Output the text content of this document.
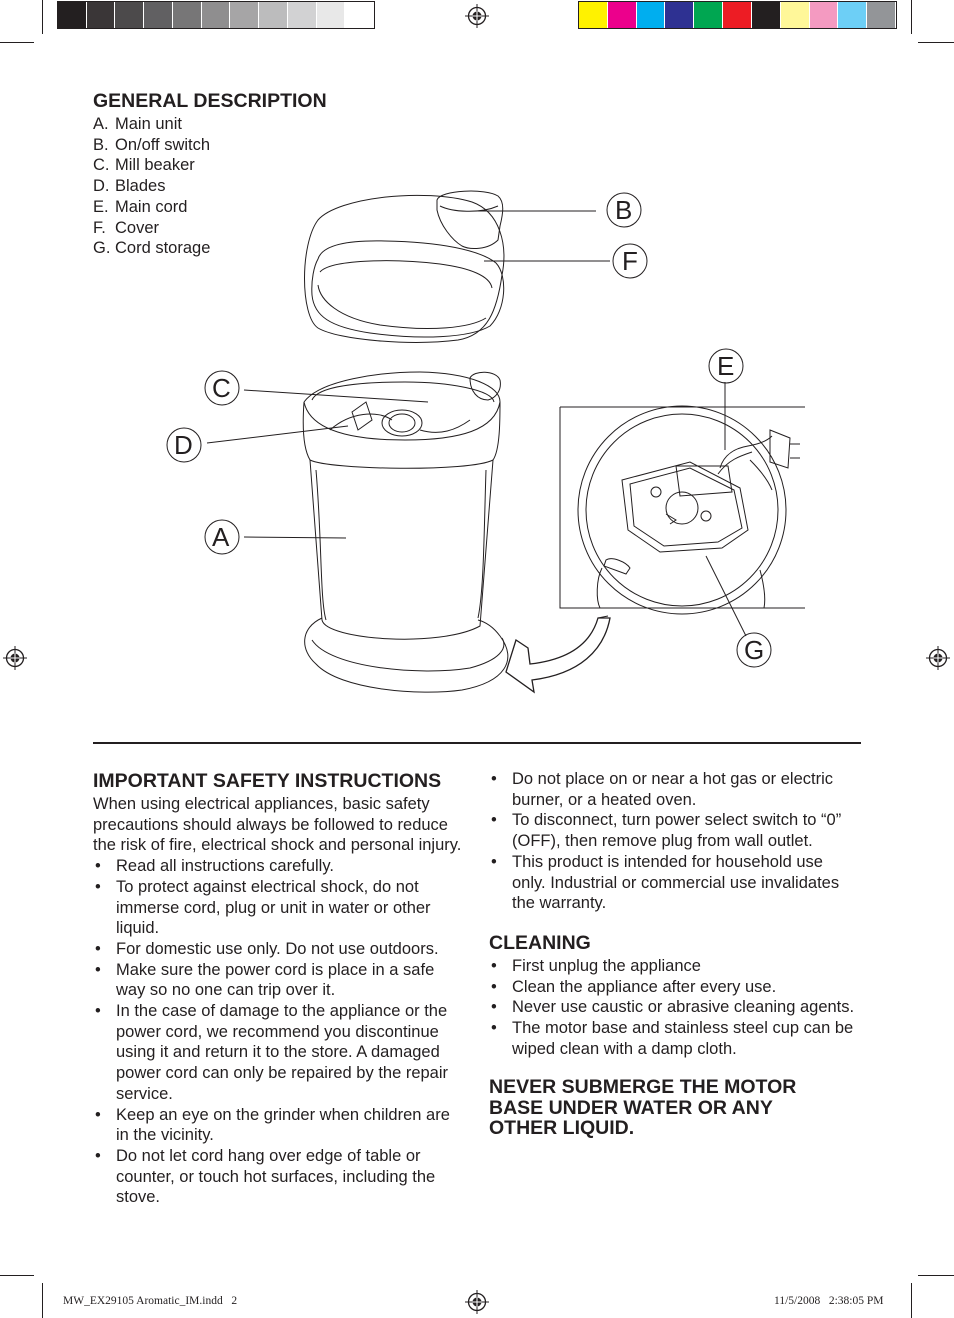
GENERAL DESCRIPTION
A. Main unit
B. On/off switch
C. Mill beaker
D. Blades
E. Main cord
F. Cover
G. Cord storage
B
F
E
C
D
A
G
IMPORTANT SAFETY INSTRUCTIONS

When using electrical appliances, basic safety precautions should always be followed to reduce the risk of fire, electrical shock and personal injury.

• Read all instructions carefully.
• To protect against electrical shock, do not immerse cord, plug or unit in water or other liquid.
• For domestic use only. Do not use outdoors.
• Make sure the power cord is place in a safe way so no one can trip over it.
• In the case of damage to the appliance or the power cord, we recommend you discontinue using it and return it to the store. A damaged power cord can only be repaired by the repair service.
• Keep an eye on the grinder when children are in the vicinity.
• Do not let cord hang over edge of table or counter, or touch hot surfaces, including the stove.
• Do not place on or near a hot gas or electric burner, or a heated oven.
• To disconnect, turn power select switch to “0” (OFF), then remove plug from wall outlet.
• This product is intended for household use only. Industrial or commercial use invalidates the warranty.
CLEANING
• First unplug the appliance
• Clean the appliance after every use.
• Never use caustic or abrasive cleaning agents.
• The motor base and stainless steel cup can be wiped clean with a damp cloth.
NEVER SUBMERGE THE MOTOR
BASE UNDER WATER OR ANY
OTHER LIQUID.
MW_EX29105 Aromatic_IM.indd   2	11/5/2008   2:38:05 PM
